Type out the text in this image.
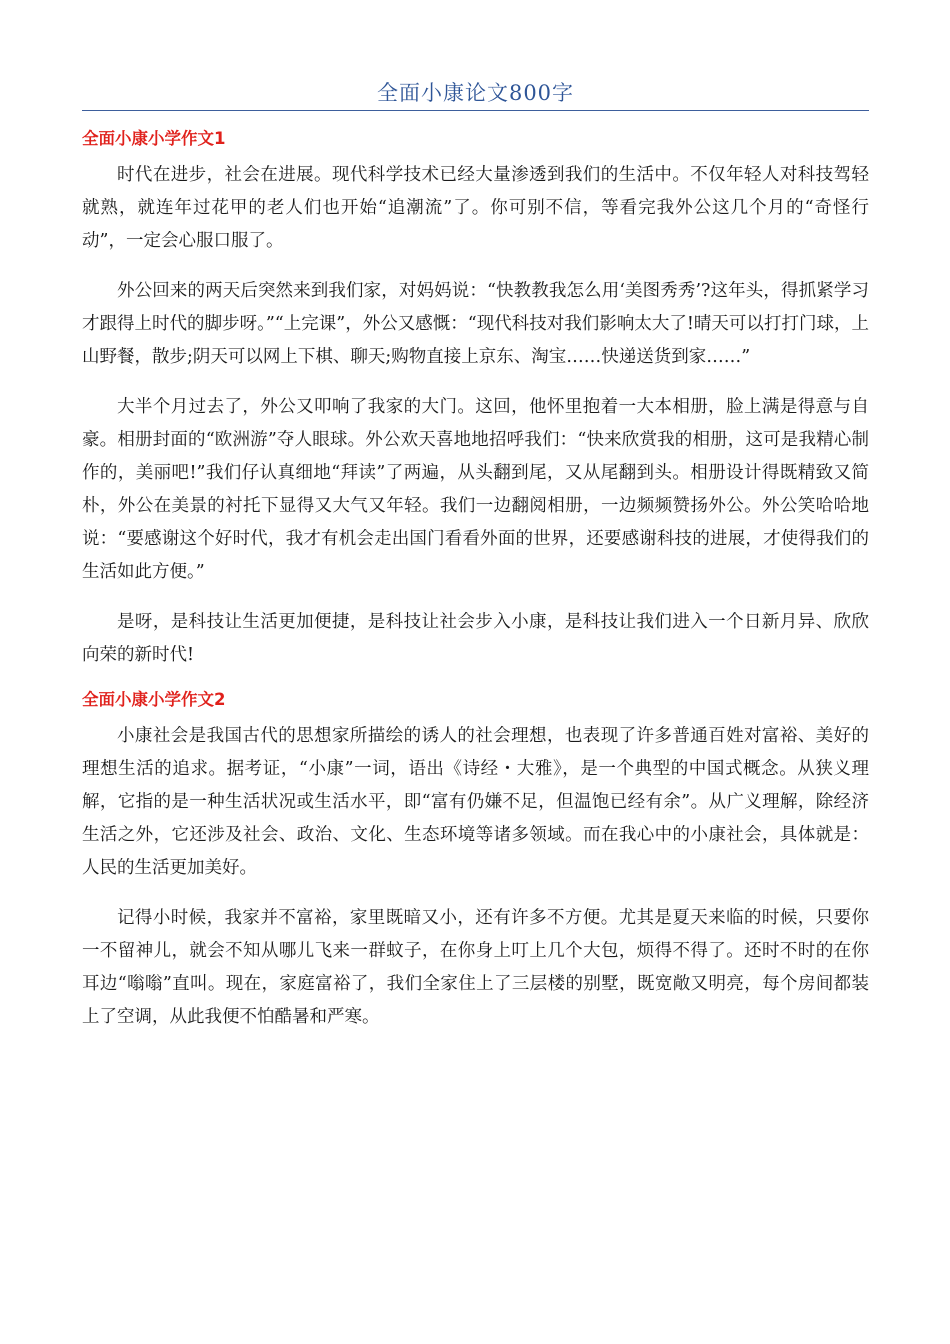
全面小康论文800字
全面小康小学作文1

时代在进步，社会在进展。现代科学技术已经大量渗透到我们的生活中。不仅年轻人对科技驾轻就熟，就连年过花甲的老人们也开始“追潮流”了。你可别不信，等看完我外公这几个月的“奇怪行动”，一定会心服口服了。

外公回来的两天后突然来到我们家，对妈妈说：“快教教我怎么用‘美图秀秀’?这年头，得抓紧学习才跟得上时代的脚步呀。”“上完课”，外公又感慨：“现代科技对我们影响太大了!晴天可以打打门球，上山野餐，散步;阴天可以网上下棋、聊天;购物直接上京东、淘宝……快递送货到家……”

大半个月过去了，外公又叩响了我家的大门。这回，他怀里抱着一大本相册，脸上满是得意与自豪。相册封面的“欧洲游”夺人眼球。外公欢天喜地地招呼我们：“快来欣赏我的相册，这可是我精心制作的，美丽吧!”我们仔认真细地“拜读”了两遍，从头翻到尾，又从尾翻到头。相册设计得既精致又简朴，外公在美景的衬托下显得又大气又年轻。我们一边翻阅相册，一边频频赞扬外公。外公笑哈哈地说：“要感谢这个好时代，我才有机会走出国门看看外面的世界，还要感谢科技的进展，才使得我们的生活如此方便。”

是呀，是科技让生活更加便捷，是科技让社会步入小康，是科技让我们进入一个日新月异、欣欣向荣的新时代!

全面小康小学作文2

小康社会是我国古代的思想家所描绘的诱人的社会理想，也表现了许多普通百姓对富裕、美好的理想生活的追求。据考证，“小康”一词，语出《诗经・大雅》，是一个典型的中国式概念。从狭义理解，它指的是一种生活状况或生活水平，即“富有仍嫌不足，但温饱已经有余”。从广义理解，除经济生活之外，它还涉及社会、政治、文化、生态环境等诸多领域。而在我心中的小康社会，具体就是：人民的生活更加美好。

记得小时候，我家并不富裕，家里既暗又小，还有许多不方便。尤其是夏天来临的时候，只要你一不留神儿，就会不知从哪儿飞来一群蚊子，在你身上叮上几个大包，烦得不得了。还时不时的在你耳边“嗡嗡”直叫。现在，家庭富裕了，我们全家住上了三层楼的别墅，既宽敞又明亮，每个房间都装上了空调，从此我便不怕酷暑和严寒。
